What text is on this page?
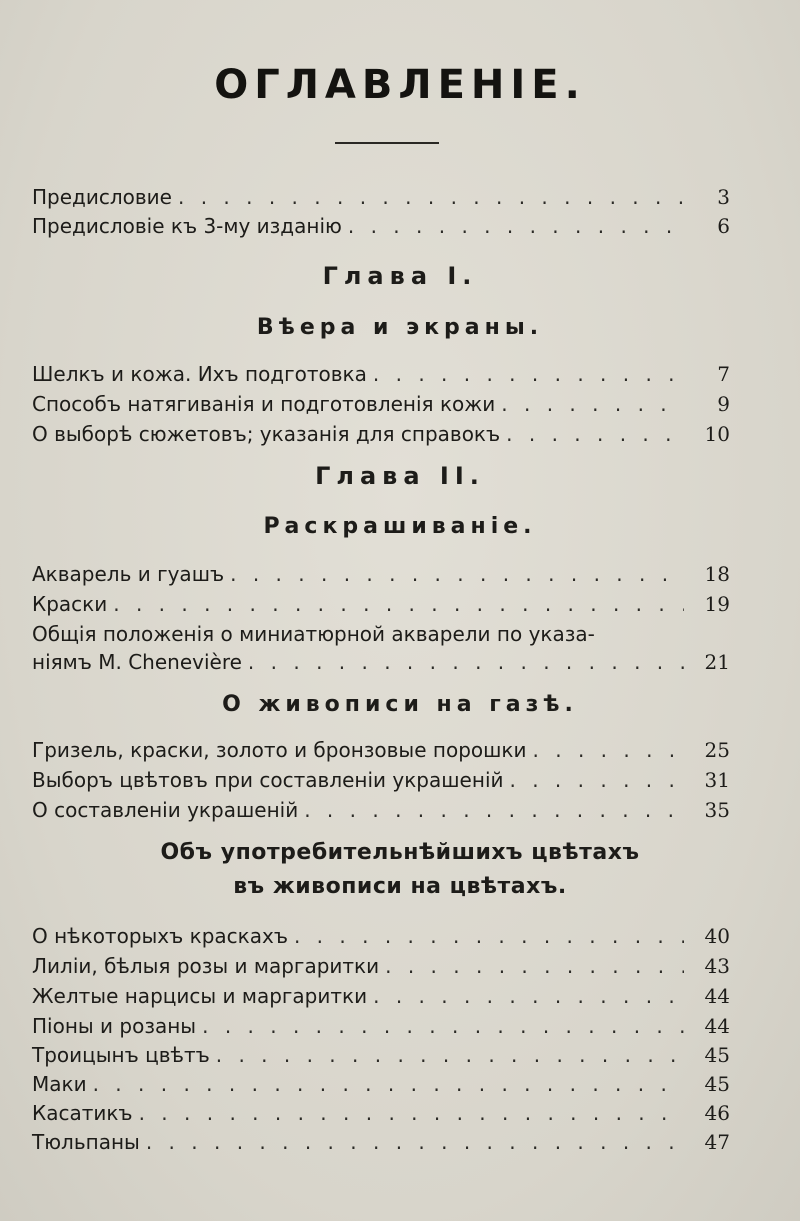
ОГЛАВЛЕНIЕ.
Предисловие . . .	3
Предисловie къ 3-му изданiю . . .	6
Глава I.
Вѣера и экраны.
Шелкъ и кожа. Ихъ подготовка . . .	7
Способъ натягиванiя и подготовленiя кожи . . .	9
О выборѣ сюжетовъ; указанiя для справокъ . . .	10
Глава II.
Раскрашиванiе.
Акварель и гуашъ . . .	18
Краски . . .	19
Общiя положенiя о миниатюрной акварели по указа-
нiямъ M. Chenevière . . .	21
О живописи на газѣ.
Гризель, краски, золото и бронзовые порошки . . .	25
Выборъ цвѣтовъ при составленiи украшенiй . . .	31
О составленiи украшенiй . . .	35
Объ употребительнѣйшихъ цвѣтахъ
въ живописи на цвѣтахъ.
О нѣкоторыхъ краскахъ . . .	40
Лилiи, бѣлыя розы и маргаритки . . .	43
Желтые нарцисы и маргаритки . . .	44
Пiоны и розаны . . .	44
Троицынъ цвѣтъ . . .	45
Маки . . .	45
Касатикъ . . .	46
Тюльпаны . . .	47
